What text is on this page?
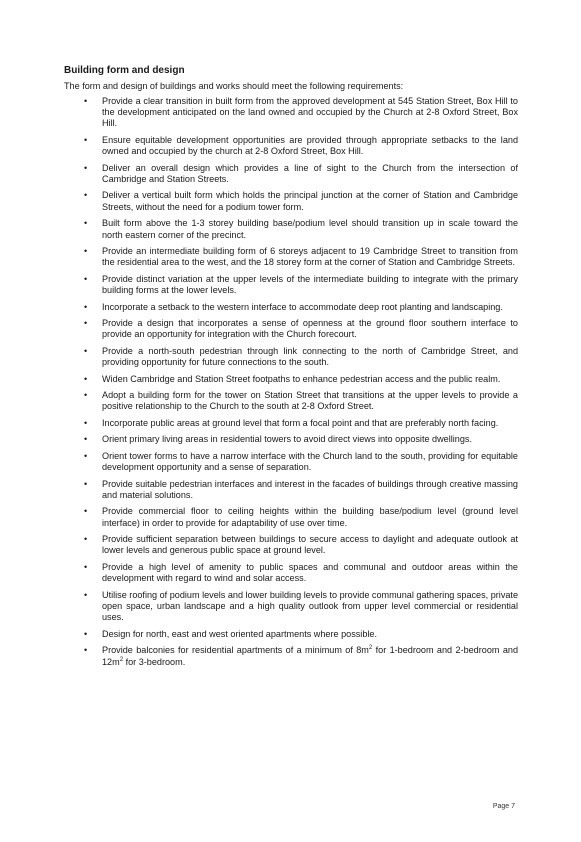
Building form and design
The form and design of buildings and works should meet the following requirements:
• Provide a clear transition in built form from the approved development at 545 Station Street, Box Hill to the development anticipated on the land owned and occupied by the Church at 2-8 Oxford Street, Box Hill.
• Ensure equitable development opportunities are provided through appropriate setbacks to the land owned and occupied by the church at 2-8 Oxford Street, Box Hill.
• Deliver an overall design which provides a line of sight to the Church from the intersection of Cambridge and Station Streets.
• Deliver a vertical built form which holds the principal junction at the corner of Station and Cambridge Streets, without the need for a podium tower form.
• Built form above the 1-3 storey building base/podium level should transition up in scale toward the north eastern corner of the precinct.
• Provide an intermediate building form of 6 storeys adjacent to 19 Cambridge Street to transition from the residential area to the west, and the 18 storey form at the corner of Station and Cambridge Streets.
• Provide distinct variation at the upper levels of the intermediate building to integrate with the primary building forms at the lower levels.
• Incorporate a setback to the western interface to accommodate deep root planting and landscaping.
• Provide a design that incorporates a sense of openness at the ground floor southern interface to provide an opportunity for integration with the Church forecourt.
• Provide a north-south pedestrian through link connecting to the north of Cambridge Street, and providing opportunity for future connections to the south.
• Widen Cambridge and Station Street footpaths to enhance pedestrian access and the public realm.
• Adopt a building form for the tower on Station Street that transitions at the upper levels to provide a positive relationship to the Church to the south at 2-8 Oxford Street.
• Incorporate public areas at ground level that form a focal point and that are preferably north facing.
• Orient primary living areas in residential towers to avoid direct views into opposite dwellings.
• Orient tower forms to have a narrow interface with the Church land to the south, providing for equitable development opportunity and a sense of separation.
• Provide suitable pedestrian interfaces and interest in the facades of buildings through creative massing and material solutions.
• Provide commercial floor to ceiling heights within the building base/podium level (ground level interface) in order to provide for adaptability of use over time.
• Provide sufficient separation between buildings to secure access to daylight and adequate outlook at lower levels and generous public space at ground level.
• Provide a high level of amenity to public spaces and communal and outdoor areas within the development with regard to wind and solar access.
• Utilise roofing of podium levels and lower building levels to provide communal gathering spaces, private open space, urban landscape and a high quality outlook from upper level commercial or residential uses.
• Design for north, east and west oriented apartments where possible.
• Provide balconies for residential apartments of a minimum of $8m^2$ for 1-bedroom and 2-bedroom and $12m^2$ for 3-bedroom.
Page 7
